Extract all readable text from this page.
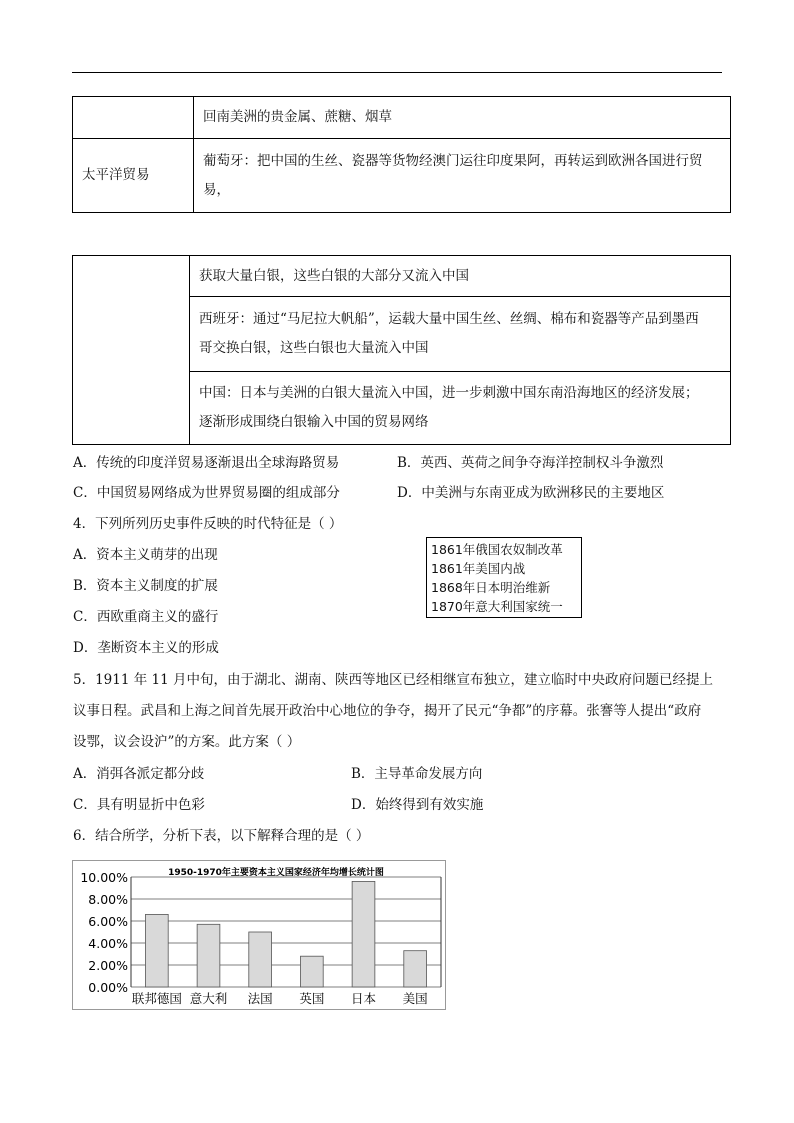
	回南美洲的贵金属、蔗糖、烟草
太平洋贸易	葡萄牙：把中国的生丝、瓷器等货物经澳门运往印度果阿，再转运到欧洲各国进行贸
易，
	获取大量白银，这些白银的大部分又流入中国

西班牙：通过“马尼拉大帆船”，运载大量中国生丝、丝绸、棉布和瓷器等产品到墨西
哥交换白银，这些白银也大量流入中国

中国：日本与美洲的白银大量流入中国，进一步刺激中国东南沿海地区的经济发展；
逐渐形成围绕白银输入中国的贸易网络
A．传统的印度洋贸易逐渐退出全球海路贸易	B．英西、英荷之间争夺海洋控制权斗争激烈
C．中国贸易网络成为世界贸易圈的组成部分	D．中美洲与东南亚成为欧洲移民的主要地区
4．下列所列历史事件反映的时代特征是（ ）
A．资本主义萌芽的出现
B．资本主义制度的扩展
C．西欧重商主义的盛行
D．垄断资本主义的形成
1861年俄国农奴制改革
1861年美国内战
1868年日本明治维新
1870年意大利国家统一
5．1911 年 11 月中旬，由于湖北、湖南、陕西等地区已经相继宣布独立，建立临时中央政府问题已经提上
议事日程。武昌和上海之间首先展开政治中心地位的争夺，揭开了民元“争都”的序幕。张謇等人提出“政府
设鄂，议会设沪”的方案。此方案（ ）
A．消弭各派定都分歧	B．主导革命发展方向
C．具有明显折中色彩	D．始终得到有效实施
6．结合所学，分析下表，以下解释合理的是（ ）
1950-1970年主要资本主义国家经济年均增长统计图
0.00%
2.00%
4.00%
6.00%
8.00%
10.00%
联邦德国 意大利 法国 英国 日本 美国
